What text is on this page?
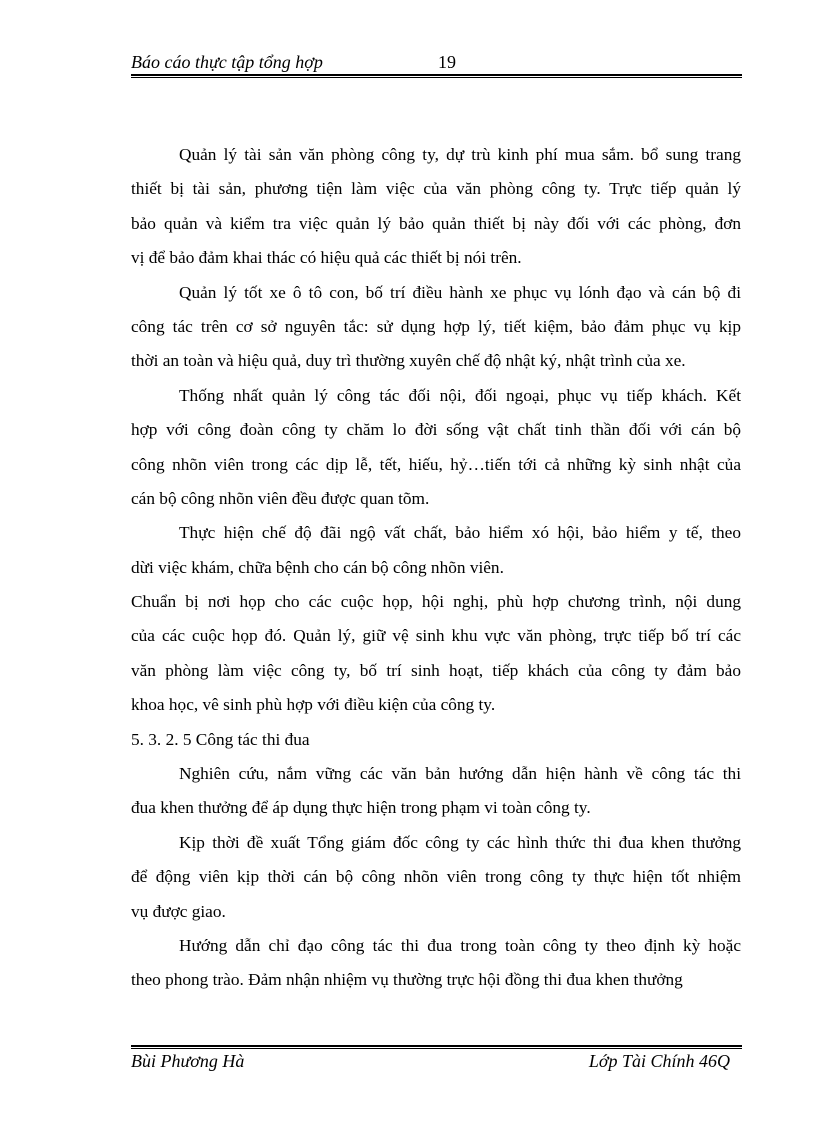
Báo cáo thực tập tổng hợp	19
Quản lý tài sản văn phòng công ty, dự trù kinh phí mua sắm. bổ sung trang
thiết bị tài sản, phương tiện làm việc của văn phòng công ty. Trực tiếp quản lý
bảo quản và kiểm tra việc quản lý bảo quản thiết bị này đối với các phòng, đơn
vị để bảo đảm khai thác có hiệu quả các thiết bị nói trên.
Quản lý tốt xe ô tô con, bố trí điều hành xe phục vụ lónh đạo và cán bộ đi
công tác trên cơ sở nguyên tắc: sử dụng hợp lý, tiết kiệm, bảo đảm phục vụ kịp
thời an toàn và hiệu quả, duy trì thường xuyên chế độ nhật ký, nhật trình của xe.
Thống nhất quản lý công tác đối nội, đối ngoại, phục vụ tiếp khách. Kết
hợp với công đoàn công ty chăm lo đời sống vật chất tinh thần đối với cán bộ
công nhõn viên trong các dịp lễ, tết, hiếu, hỷ…tiến tới cả những kỳ sinh nhật của
cán bộ công nhõn viên đều được quan tõm.
Thực hiện chế độ đãi ngộ vất chất, bảo hiểm xó hội, bảo hiểm y tế, theo
dừi việc khám, chữa bệnh cho cán bộ công nhõn viên.
Chuẩn bị nơi họp cho các cuộc họp, hội nghị, phù hợp chương trình, nội dung
của các cuộc họp đó. Quản lý, giữ vệ sinh khu vực văn phòng, trực tiếp bố trí các
văn phòng làm việc công ty, bố trí sinh hoạt, tiếp khách của công ty đảm bảo
khoa học, vê sinh phù hợp với điều kiện của công ty.
5. 3. 2. 5 Công tác thi đua
Nghiên cứu, nắm vững các văn bản hướng dẫn hiện hành về công tác thi
đua khen thưởng để áp dụng thực hiện trong phạm vi toàn công ty.
Kịp thời đề xuất Tổng giám đốc công ty các hình thức thi đua khen thưởng
để động viên kịp thời cán bộ công nhõn viên trong công ty thực hiện tốt nhiệm
vụ được giao.
Hướng dẫn chỉ đạo công tác thi đua trong toàn công ty theo định kỳ hoặc
theo phong trào. Đảm nhận nhiệm vụ thường trực hội đồng thi đua khen thưởng
Bùi Phương Hà	Lớp Tài Chính 46Q
